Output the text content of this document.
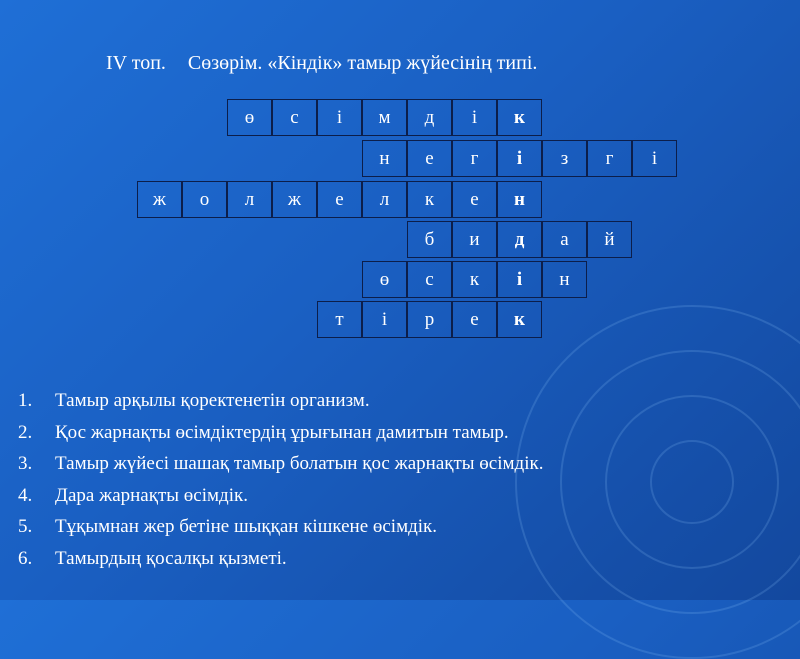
IV топ. Сөзөрім. «Кіндік» тамыр жүйесінің типі.
ө	с	і	м	д	і	к
н	е	г	і	з	г	і
ж	о	л	ж	е	л	к	е	н
б	и	д	а	й
ө	с	к	і	н
т	і	р	е	к
1.	Тамыр арқылы қоректенетін организм.
2.	Қос жарнақты өсімдіктердің ұрығынан дамитын тамыр.
3.	Тамыр жүйесі шашақ тамыр болатын қос жарнақты өсімдік.
4.	Дара жарнақты өсімдік.
5.	Тұқымнан жер бетіне шыққан кішкене өсімдік.
6.	Тамырдың қосалқы қызметі.
